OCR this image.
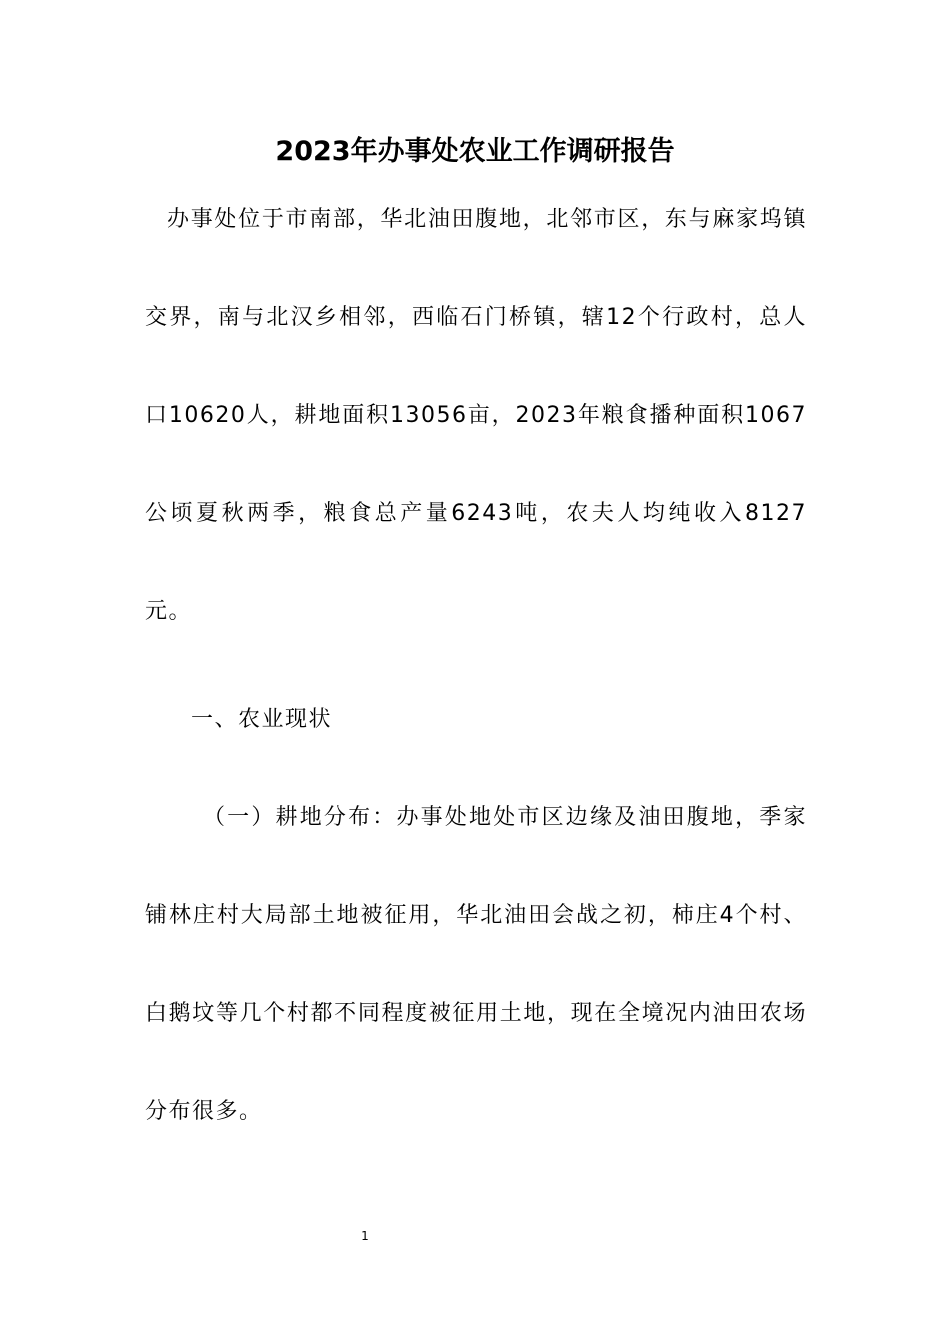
2023年办事处农业工作调研报告

办事处位于市南部，华北油田腹地，北邻市区，东与麻家坞镇交界，南与北汉乡相邻，西临石门桥镇，辖12个行政村，总人口10620人，耕地面积13056亩，2023年粮食播种面积1067公顷夏秋两季，粮食总产量6243吨，农夫人均纯收入8127元。

一、农业现状

（一）耕地分布：办事处地处市区边缘及油田腹地，季家铺林庄村大局部土地被征用，华北油田会战之初，柿庄4个村、白鹅坟等几个村都不同程度被征用土地，现在全境况内油田农场分布很多。

1
